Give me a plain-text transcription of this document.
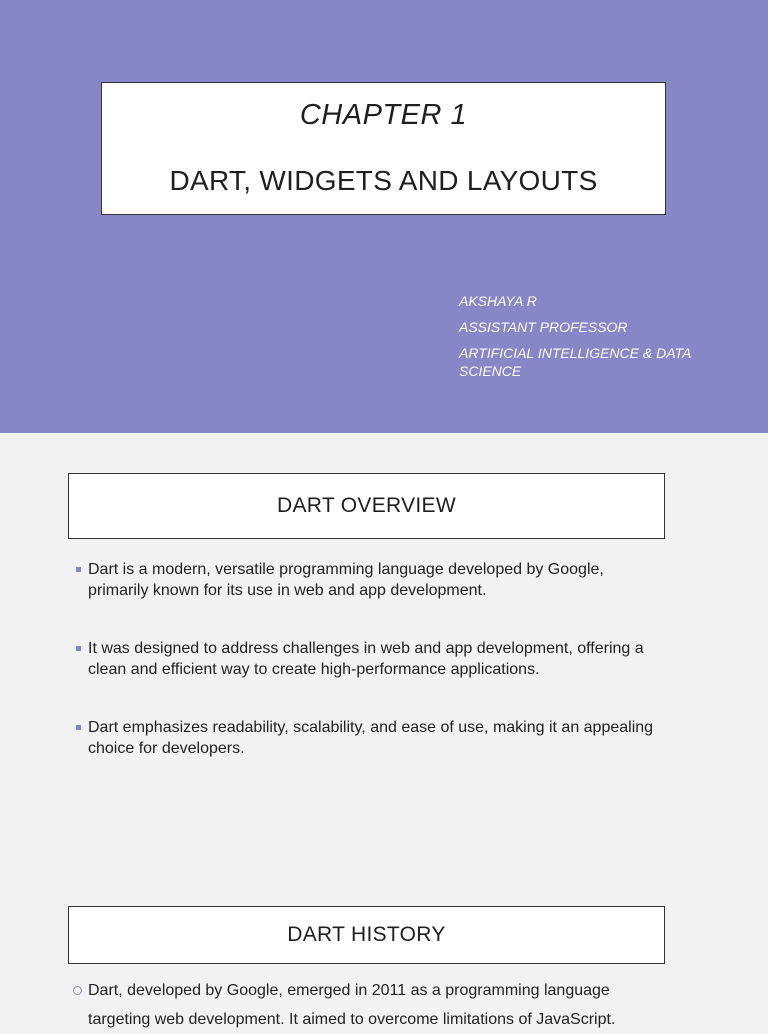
CHAPTER 1
DART, WIDGETS AND LAYOUTS
AKSHAYA R
ASSISTANT PROFESSOR
ARTIFICIAL INTELLIGENCE & DATA SCIENCE
DART OVERVIEW
Dart is a modern, versatile programming language developed by Google, primarily known for its use in web and app development.
It was designed to address challenges in web and app development, offering a clean and efficient way to create high-performance applications.
Dart emphasizes readability, scalability, and ease of use, making it an appealing choice for developers.
DART HISTORY
Dart, developed by Google, emerged in 2011 as a programming language targeting web development. It aimed to overcome limitations of JavaScript.
